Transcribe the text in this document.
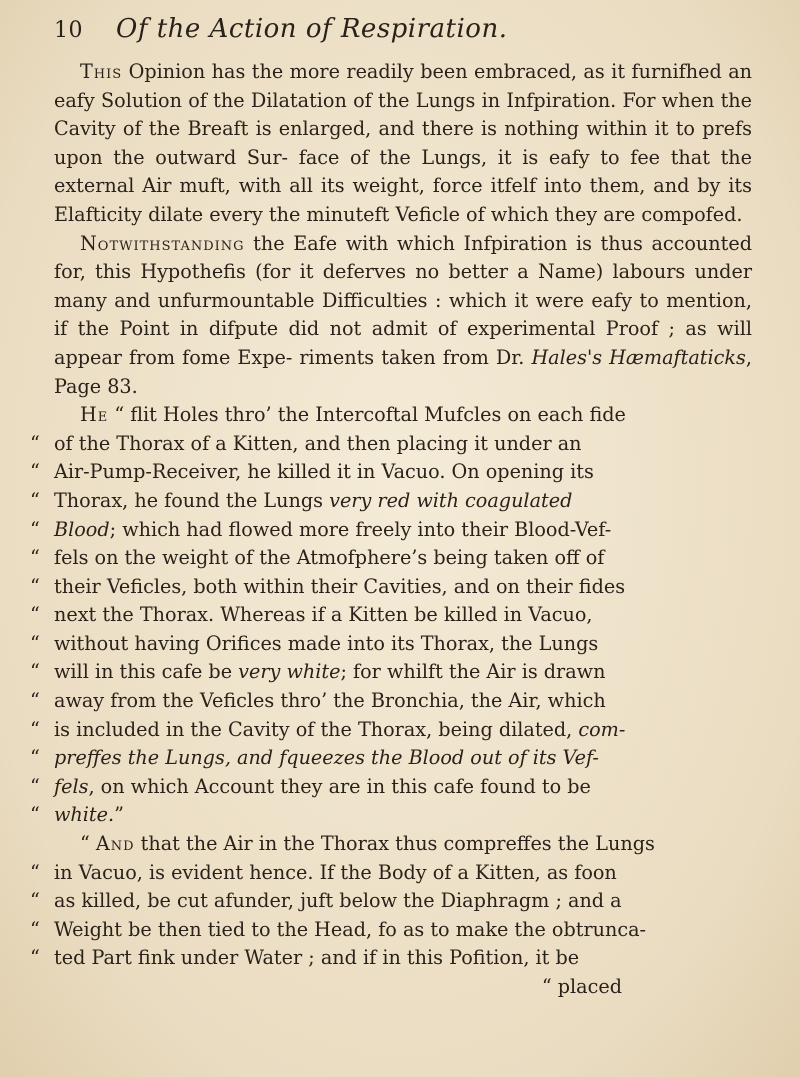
10	Of the Action of Respiration.

This Opinion has the more readily been embraced, as it furnifhed an eafy Solution of the Dilatation of the Lungs in Infpiration. For when the Cavity of the Breaft is enlarged, and there is nothing within it to prefs upon the outward Sur- face of the Lungs, it is eafy to fee that the external Air muft, with all its weight, force itfelf into them, and by its Elafticity dilate every the minuteft Veficle of which they are compofed.

Notwithstanding the Eafe with which Infpiration is thus accounted for, this Hypothefis (for it deferves no better a Name) labours under many and unfurmountable Difficulties : which it were eafy to mention, if the Point in difpute did not admit of experimental Proof ; as will appear from fome Expe- riments taken from Dr. Hales's Hæmaftaticks, Page 83.

He “ flit Holes thro’ the Intercoftal Mufcles on each fide

“ of the Thorax of a Kitten, and then placing it under an
“ Air-Pump-Receiver, he killed it in Vacuo. On opening its
“ Thorax, he found the Lungs very red with coagulated
“ Blood; which had flowed more freely into their Blood-Vef-
“ fels on the weight of the Atmofphere’s being taken off of
“ their Veficles, both within their Cavities, and on their fides
“ next the Thorax. Whereas if a Kitten be killed in Vacuo,
“ without having Orifices made into its Thorax, the Lungs
“ will in this cafe be very white; for whilft the Air is drawn
“ away from the Veficles thro’ the Bronchia, the Air, which
“ is included in the Cavity of the Thorax, being dilated, com-
“ preffes the Lungs, and fqueezes the Blood out of its Vef-
“ fels, on which Account they are in this cafe found to be
“ white.”

“ And that the Air in the Thorax thus compreffes the Lungs

“ in Vacuo, is evident hence. If the Body of a Kitten, as foon
“ as killed, be cut afunder, juft below the Diaphragm ; and a
“ Weight be then tied to the Head, fo as to make the obtrunca-
“ ted Part fink under Water ; and if in this Pofition, it be
“ placed
